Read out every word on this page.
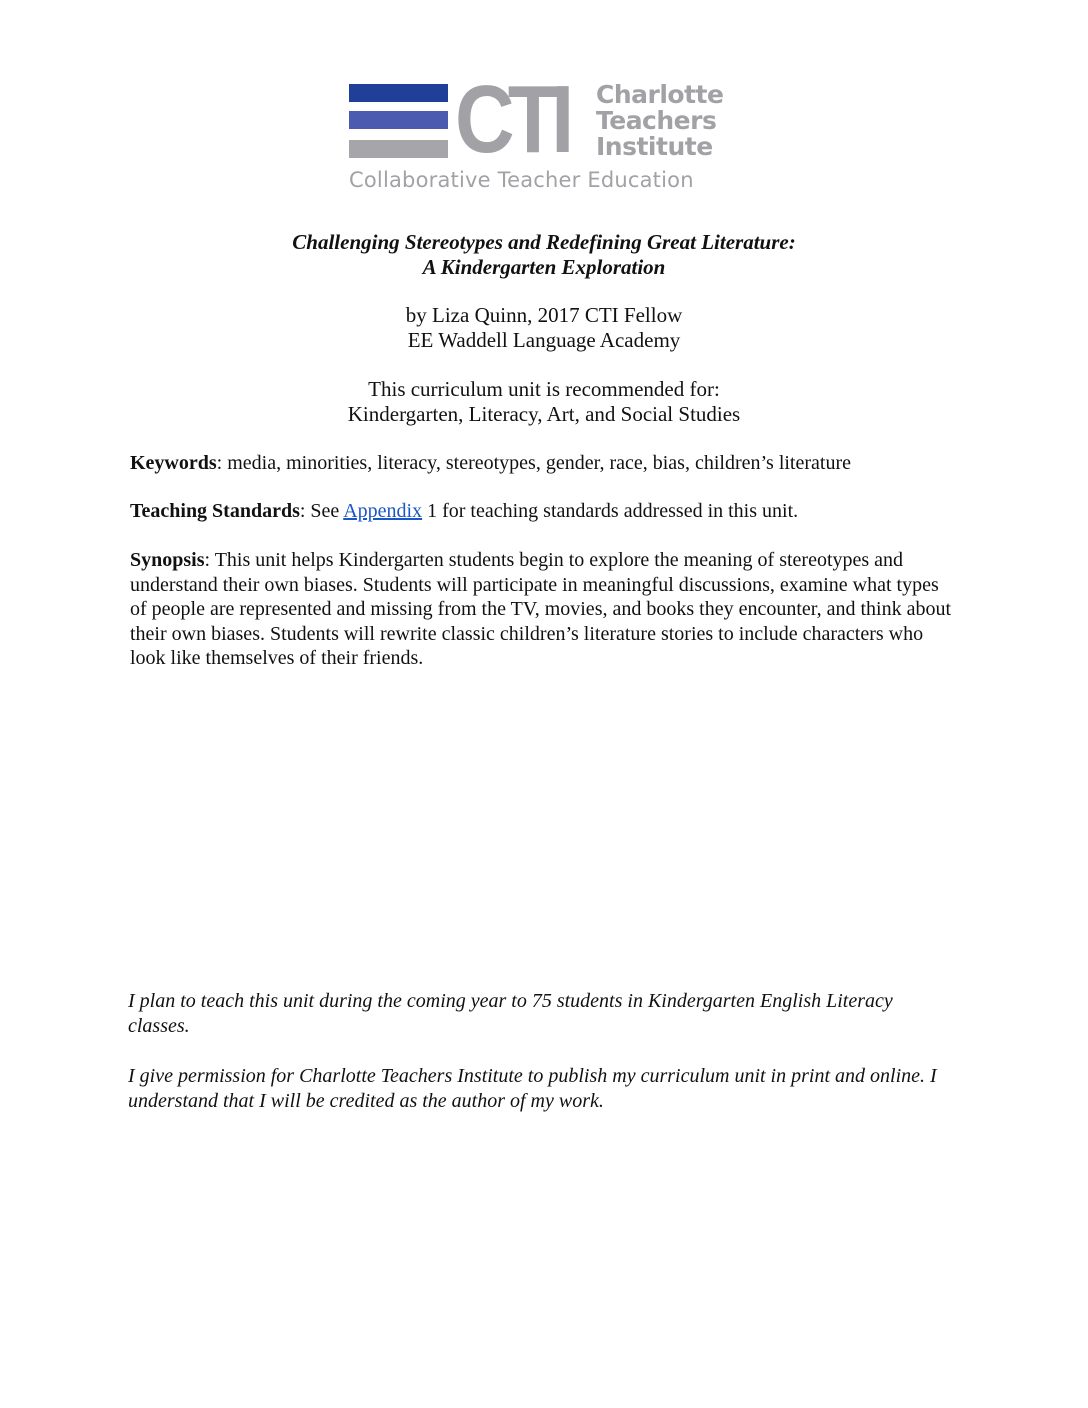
CTI Charlotte
Teachers
Institute
Collaborative Teacher Education
Challenging Stereotypes and Redefining Great Literature:
A Kindergarten Exploration
by Liza Quinn, 2017 CTI Fellow
EE Waddell Language Academy
This curriculum unit is recommended for:
Kindergarten, Literacy, Art, and Social Studies
Keywords: media, minorities, literacy, stereotypes, gender, race, bias, children’s literature
Teaching Standards: See Appendix 1 for teaching standards addressed in this unit.
Synopsis: This unit helps Kindergarten students begin to explore the meaning of stereotypes and understand their own biases. Students will participate in meaningful discussions, examine what types of people are represented and missing from the TV, movies, and books they encounter, and think about their own biases. Students will rewrite classic children’s literature stories to include characters who look like themselves of their friends.
I plan to teach this unit during the coming year to 75 students in Kindergarten English Literacy classes.
I give permission for Charlotte Teachers Institute to publish my curriculum unit in print and online. I understand that I will be credited as the author of my work.
